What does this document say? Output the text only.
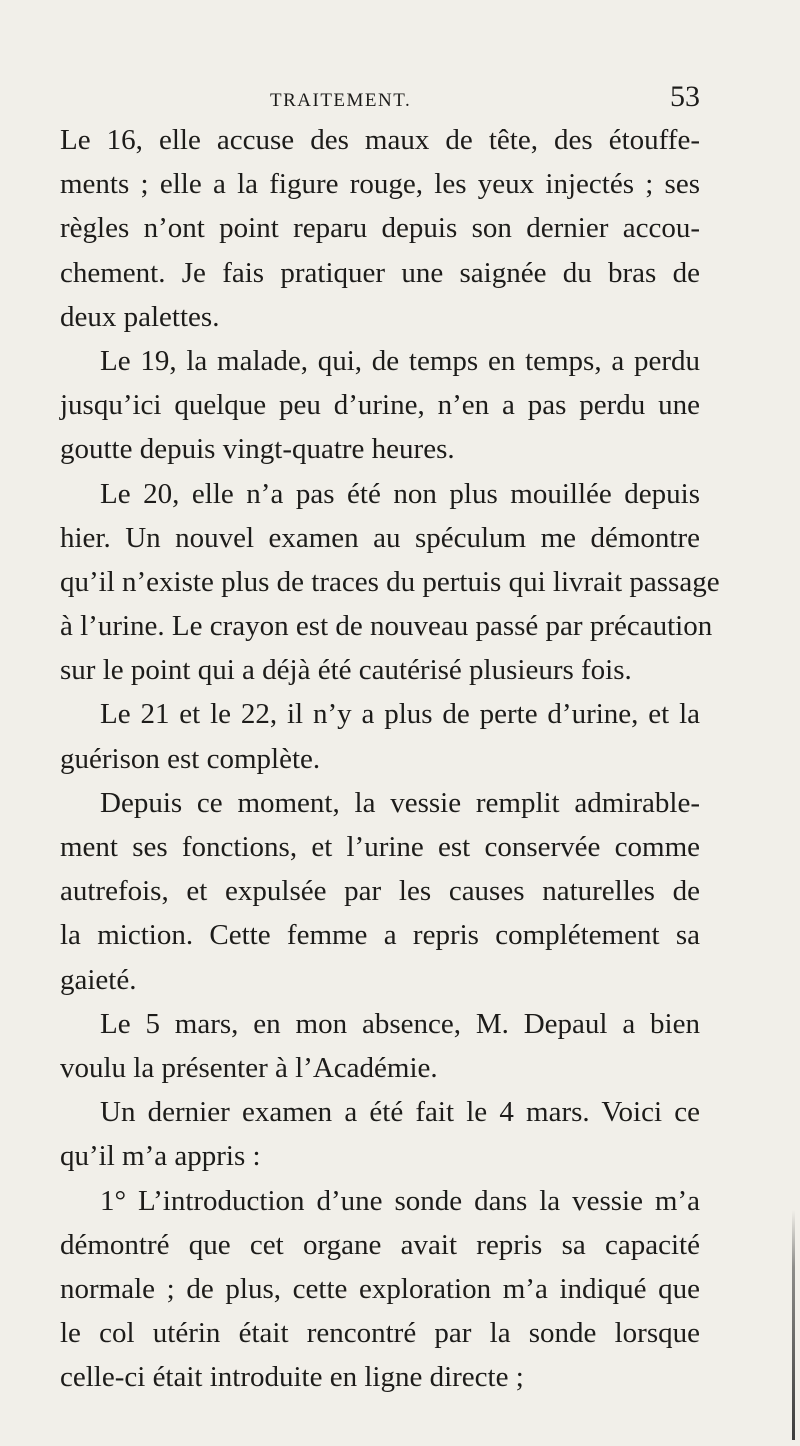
TRAITEMENT.	53
Le 16, elle accuse des maux de tête, des étouffe-
ments ; elle a la figure rouge, les yeux injectés ; ses
règles n’ont point reparu depuis son dernier accou-
chement. Je fais pratiquer une saignée du bras de
deux palettes.
Le 19, la malade, qui, de temps en temps, a perdu
jusqu’ici quelque peu d’urine, n’en a pas perdu une
goutte depuis vingt-quatre heures.
Le 20, elle n’a pas été non plus mouillée depuis
hier. Un nouvel examen au spéculum me démontre
qu’il n’existe plus de traces du pertuis qui livrait passage
à l’urine. Le crayon est de nouveau passé par précaution
sur le point qui a déjà été cautérisé plusieurs fois.
Le 21 et le 22, il n’y a plus de perte d’urine, et la
guérison est complète.
Depuis ce moment, la vessie remplit admirable-
ment ses fonctions, et l’urine est conservée comme
autrefois, et expulsée par les causes naturelles de
la miction. Cette femme a repris complétement sa
gaieté.
Le 5 mars, en mon absence, M. Depaul a bien
voulu la présenter à l’Académie.
Un dernier examen a été fait le 4 mars. Voici ce
qu’il m’a appris :
1° L’introduction d’une sonde dans la vessie m’a
démontré que cet organe avait repris sa capacité
normale ; de plus, cette exploration m’a indiqué que
le col utérin était rencontré par la sonde lorsque
celle-ci était introduite en ligne directe ;
